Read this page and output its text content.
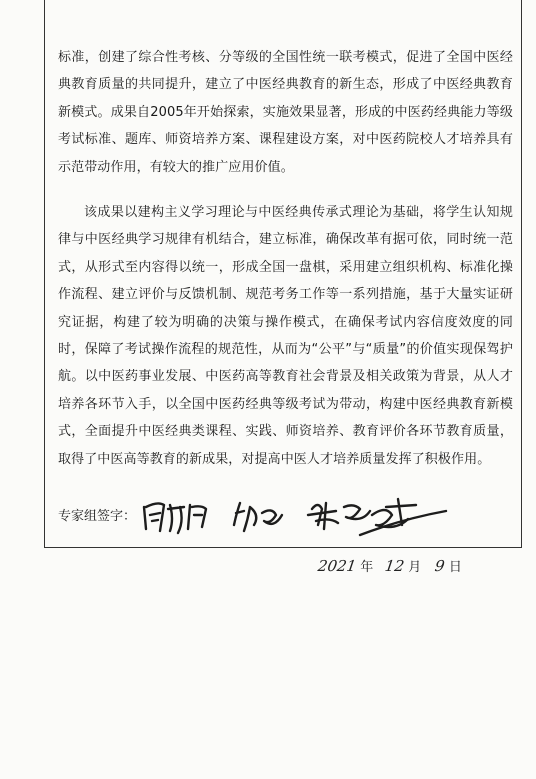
标准，创建了综合性考核、分等级的全国性统一联考模式，促进了全国中医经典教育质量的共同提升，建立了中医经典教育的新生态，形成了中医经典教育新模式。成果自2005年开始探索，实施效果显著，形成的中医药经典能力等级考试标准、题库、师资培养方案、课程建设方案，对中医药院校人才培养具有示范带动作用，有较大的推广应用价值。

该成果以建构主义学习理论与中医经典传承式理论为基础，将学生认知规律与中医经典学习规律有机结合，建立标准，确保改革有据可依，同时统一范式，从形式至内容得以统一，形成全国一盘棋，采用建立组织机构、标准化操作流程、建立评价与反馈机制、规范考务工作等一系列措施，基于大量实证研究证据，构建了较为明确的决策与操作模式，在确保考试内容信度效度的同时，保障了考试操作流程的规范性，从而为“公平”与“质量”的价值实现保驾护航。以中医药事业发展、中医药高等教育社会背景及相关政策为背景，从人才培养各环节入手，以全国中医药经典等级考试为带动，构建中医经典教育新模式，全面提升中医经典类课程、实践、师资培养、教育评价各环节教育质量，取得了中医高等教育的新成果，对提高中医人才培养质量发挥了积极作用。

专家组签字：
2021 年 12 月 9 日
